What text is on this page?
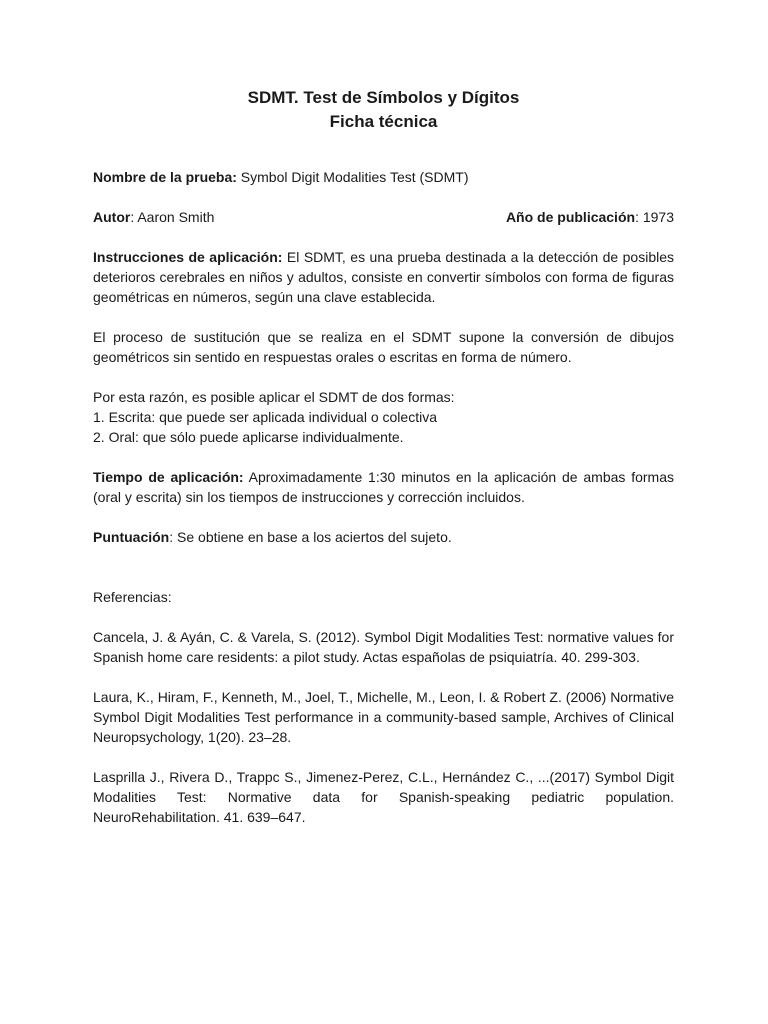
SDMT. Test de Símbolos y Dígitos
Ficha técnica

Nombre de la prueba: Symbol Digit Modalities Test (SDMT)

Autor: Aaron Smith	Año de publicación: 1973

Instrucciones de aplicación: El SDMT, es una prueba destinada a la detección de posibles deterioros cerebrales en niños y adultos, consiste en convertir símbolos con forma de figuras geométricas en números, según una clave establecida.

El proceso de sustitución que se realiza en el SDMT supone la conversión de dibujos geométricos sin sentido en respuestas orales o escritas en forma de número.

Por esta razón, es posible aplicar el SDMT de dos formas:
1. Escrita: que puede ser aplicada individual o colectiva
2. Oral: que sólo puede aplicarse individualmente.

Tiempo de aplicación: Aproximadamente 1:30 minutos en la aplicación de ambas formas (oral y escrita) sin los tiempos de instrucciones y corrección incluidos.

Puntuación: Se obtiene en base a los aciertos del sujeto.

Referencias:

Cancela, J. & Ayán, C. & Varela, S. (2012). Symbol Digit Modalities Test: normative values for Spanish home care residents: a pilot study. Actas españolas de psiquiatría. 40. 299-303.

Laura, K., Hiram, F., Kenneth, M., Joel, T., Michelle, M., Leon, I. & Robert Z. (2006) Normative Symbol Digit Modalities Test performance in a community-based sample, Archives of Clinical Neuropsychology, 1(20). 23–28.

Lasprilla J., Rivera D., Trappc S., Jimenez-Perez, C.L., Hernández C., ...(2017) Symbol Digit Modalities Test: Normative data for Spanish-speaking pediatric population. NeuroRehabilitation. 41. 639–647.
